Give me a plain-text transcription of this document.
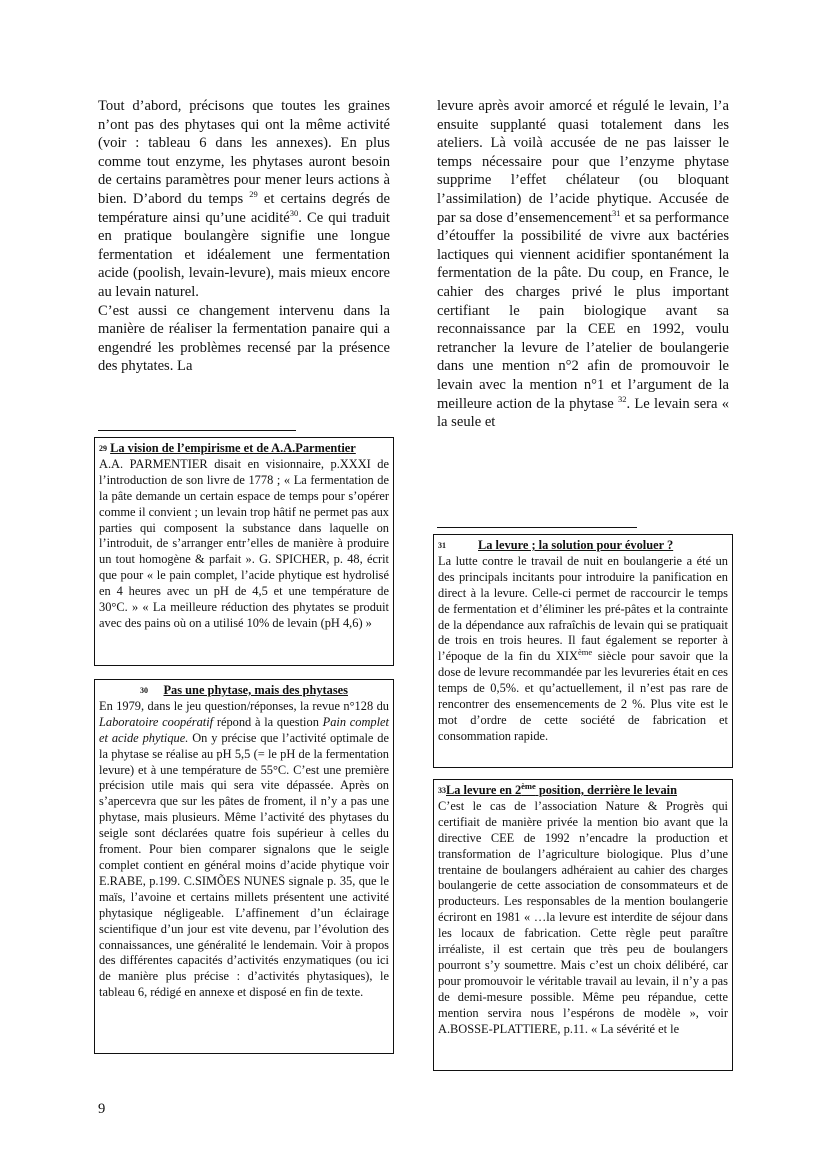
Tout d’abord, précisons que toutes les graines n’ont pas des phytases qui ont la même activité (voir : tableau 6 dans les annexes). En plus comme tout enzyme, les phytases auront besoin de certains paramètres pour mener leurs actions à bien. D’abord du temps $^{29}$ et certains degrés de température ainsi qu’une acidité$^{30}$. Ce qui traduit en pratique boulangère signifie une longue fermentation et idéalement une fermentation acide (poolish, levain-levure), mais mieux encore au levain naturel.

C’est aussi ce changement intervenu dans la manière de réaliser la fermentation panaire qui a engendré les problèmes recensé par la présence des phytates. La

levure après avoir amorcé et régulé le levain, l’a ensuite supplanté quasi totalement dans les ateliers. Là voilà accusée de ne pas laisser le temps nécessaire pour que l’enzyme phytase supprime l’effet chélateur (ou bloquant l’assimilation) de l’acide phytique. Accusée de par sa dose d’ensemencement$^{31}$ et sa performance d’étouffer la possibilité de vivre aux bactéries lactiques qui viennent acidifier spontanément la fermentation de la pâte. Du coup, en France, le cahier des charges privé le plus important certifiant le pain biologique avant sa reconnaissance par la CEE en 1992, voulu retrancher la levure de l’atelier de boulangerie dans une mention n°2 afin de promouvoir le levain avec la mention n°1 et l’argument de la meilleure action de la phytase $^{32}$. Le levain sera « la seule et

$^{29}$ La vision de l’empirisme et de A.A.Parmentier

A.A. PARMENTIER disait en visionnaire, p.XXXI de l’introduction de son livre de 1778 ; « La fermentation de la pâte demande un certain espace de temps pour s’opérer comme il convient ; un levain trop hâtif ne permet pas aux parties qui composent la substance dans laquelle on l’introduit, de s’arranger entr’elles de manière à produire un tout homogène & parfait ». G. SPICHER, p. 48, écrit que pour « le pain complet, l’acide phytique est hydrolisé en 4 heures avec un pH de 4,5 et une température de 30°C. » « La meilleure réduction des phytates se produit avec des pains où on a utilisé 10% de levain (pH 4,6) »

$^{30}$ Pas une phytase, mais des phytases

En 1979, dans le jeu question/réponses, la revue n°128 du Laboratoire coopératif répond à la question Pain complet et acide phytique. On y précise que l’activité optimale de la phytase se réalise au pH 5,5 (= le pH de la fermentation levure) et à une température de 55°C. C’est une première précision utile mais qui sera vite dépassée. Après on s’apercevra que sur les pâtes de froment, il n’y a pas une phytase, mais plusieurs. Même l’activité des phytases du seigle sont déclarées quatre fois supérieur à celles du froment. Pour bien comparer signalons que le seigle complet contient en général moins d’acide phytique voir E.RABE, p.199. C.SIMÕES NUNES signale p. 35, que le maïs, l’avoine et certains millets présentent une activité phytasique négligeable. L’affinement d’un éclairage scientifique d’un jour est vite devenu, par l’évolution des connaissances, une généralité le lendemain. Voir à propos des différentes capacités d’activités enzymatiques (ou ici de manière plus précise : d’activités phytasiques), le tableau 6, rédigé en annexe et disposé en fin de texte.

31	La levure ; la solution pour évoluer ?

La lutte contre le travail de nuit en boulangerie a été un des principals incitants pour introduire la panification en direct à la levure. Celle-ci permet de raccourcir le temps de fermentation et d’éliminer les pré-pâtes et la contrainte de la dépendance aux rafraîchis de levain qui se pratiquait de trois en trois heures. Il faut également se reporter à l’époque de la fin du XIXème siècle pour savoir que la dose de levure recommandée par les levureries était en ces temps de 0,5%. et qu’actuellement, il n’est pas rare de rencontrer des ensemencements de 2 %. Plus vite est le mot d’ordre de cette société de fabrication et consommation rapide.

$^{33}$La levure en 2ème position, derrière le levain

C’est le cas de l’association Nature & Progrès qui certifiait de manière privée la mention bio avant que la directive CEE de 1992 n’encadre la production et transformation de l’agriculture biologique. Plus d’une trentaine de boulangers adhéraient au cahier des charges boulangerie de cette association de consommateurs et de producteurs. Les responsables de la mention boulangerie écriront en 1981 « …la levure est interdite de séjour dans les locaux de fabrication. Cette règle peut paraître irréaliste, il est certain que très peu de boulangers pourront s’y soumettre. Mais c’est un choix délibéré, car pour promouvoir le véritable travail au levain, il n’y a pas de demi-mesure possible. Même peu répandue, cette mention servira nous l’espérons de modèle », voir A.BOSSE-PLATTIERE, p.11. « La sévérité et le

9
